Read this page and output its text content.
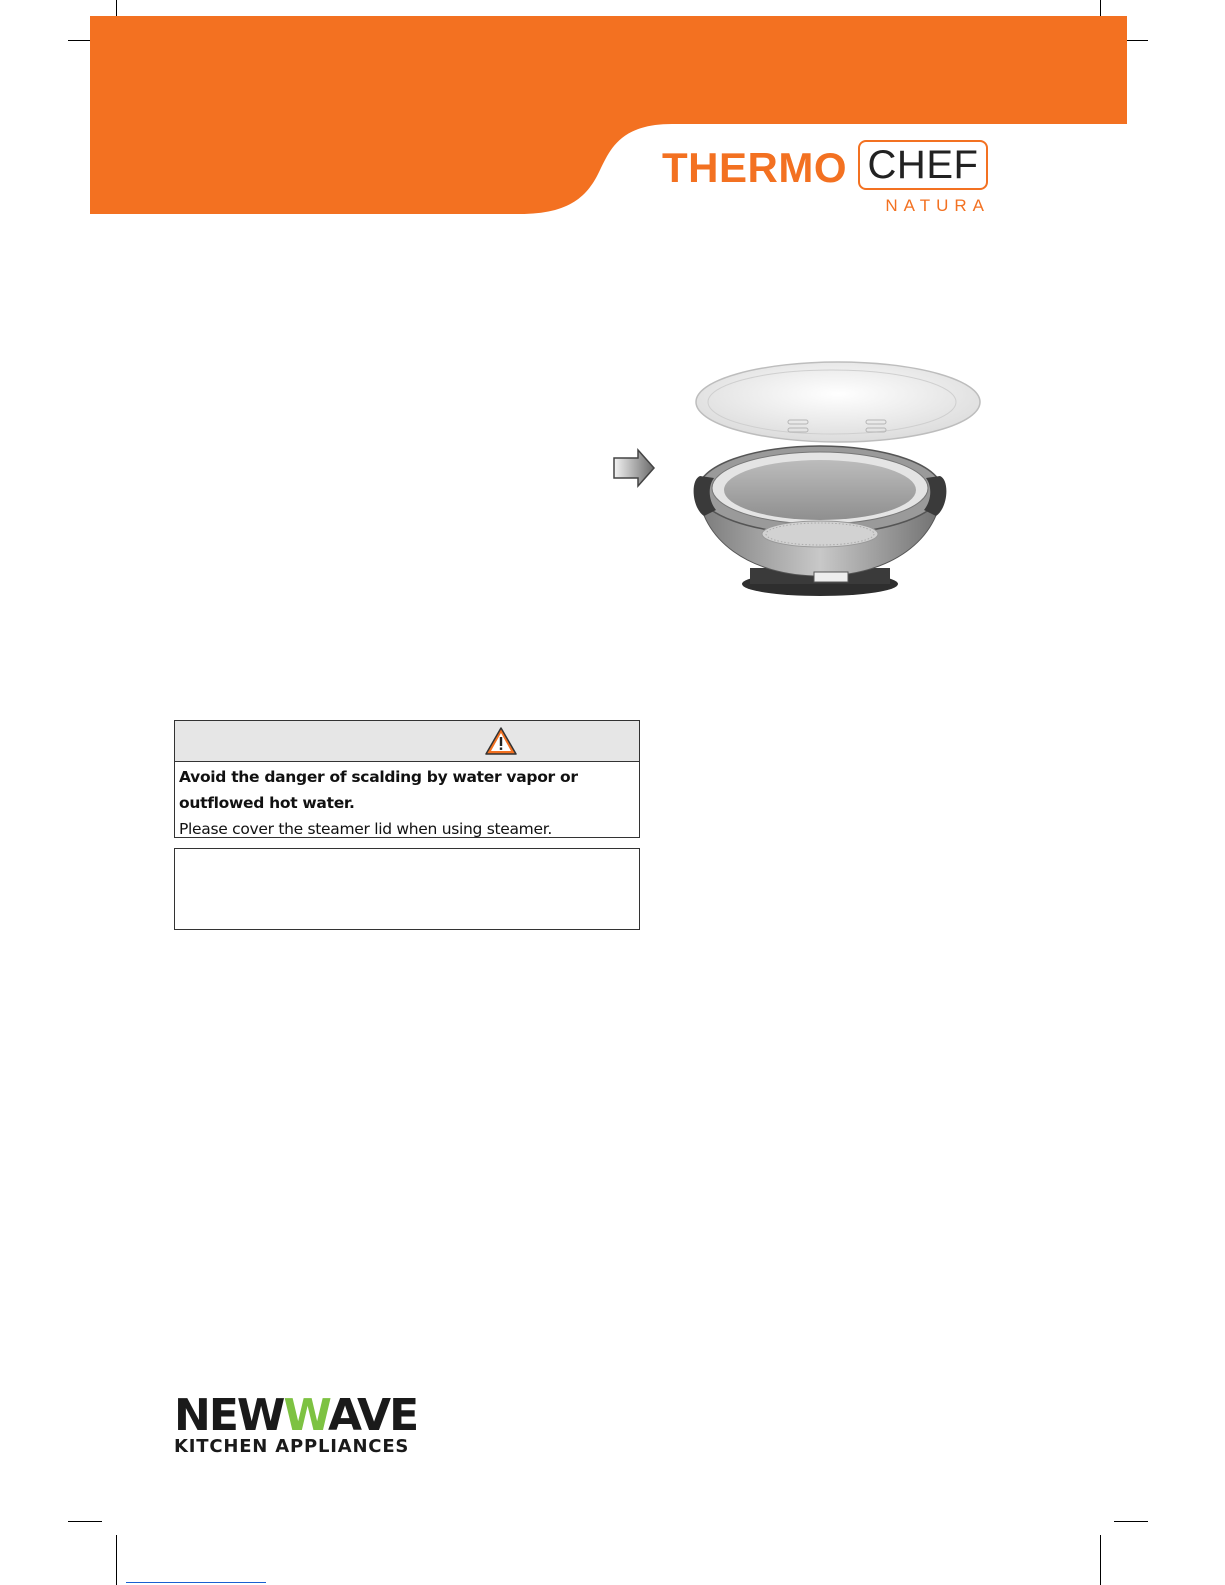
THERMO CHEF
NATURA
Avoid the danger of scalding by water vapor or
outflowed hot water.
Please cover the steamer lid when using steamer.
NEWWAVE
KITCHEN APPLIANCES
